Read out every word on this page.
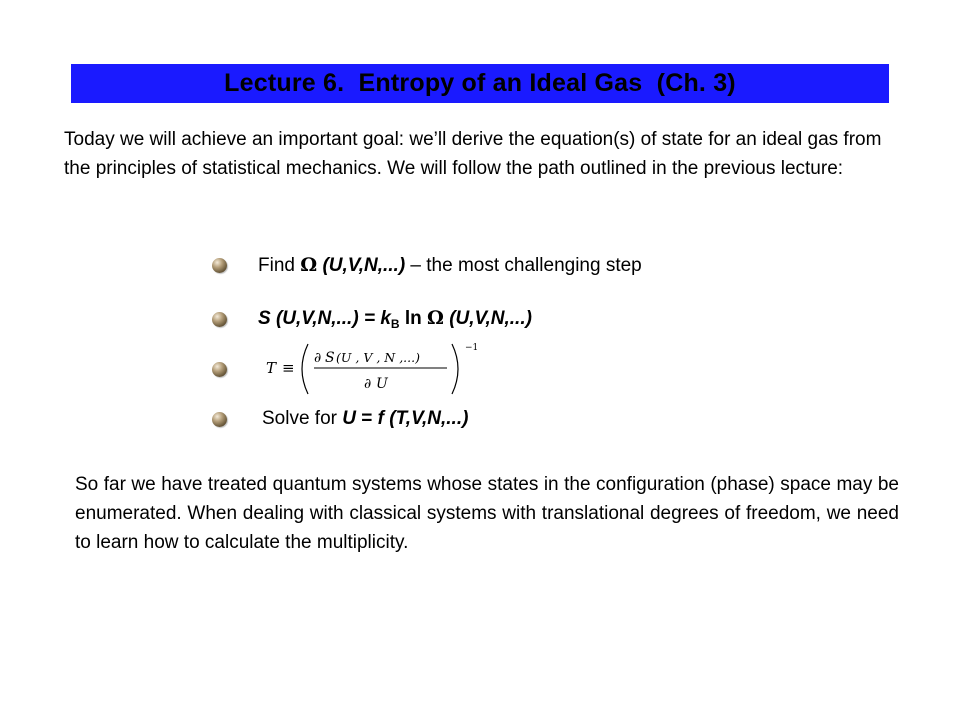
Lecture 6.  Entropy of an Ideal Gas  (Ch. 3)

Today we will achieve an important goal: we’ll derive the equation(s) of state for an ideal gas from the principles of statistical mechanics. We will follow the path outlined in the previous lecture:

Find Ω (U,V,N,...) – the most challenging step
S $(U,V,N,...) = k_B$ ln Ω (U,V,N,...)
T ≡
∂ S (U , V , N ,...)
∂ U
−1
Solve for U = f (T,V,N,...)

So far we have treated quantum systems whose states in the configuration (phase) space may be enumerated. When dealing with classical systems with translational degrees of freedom, we need to learn how to calculate the multiplicity.
